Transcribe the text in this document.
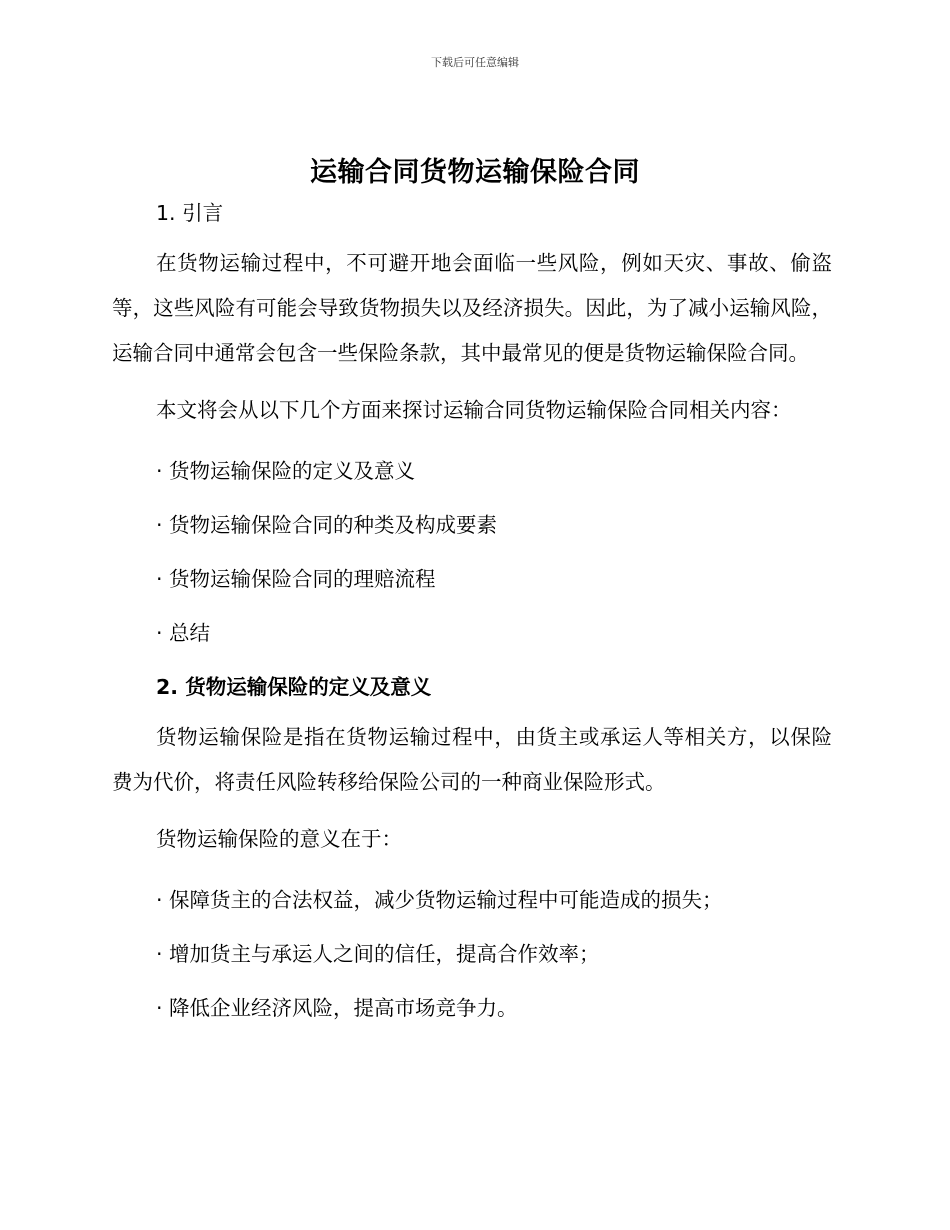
下载后可任意编辑
运输合同货物运输保险合同

1. 引言

在货物运输过程中，不可避开地会面临一些风险，例如天灾、事故、偷盗等，这些风险有可能会导致货物损失以及经济损失。因此，为了减小运输风险，运输合同中通常会包含一些保险条款，其中最常见的便是货物运输保险合同。

本文将会从以下几个方面来探讨运输合同货物运输保险合同相关内容：

· 货物运输保险的定义及意义

· 货物运输保险合同的种类及构成要素

· 货物运输保险合同的理赔流程

· 总结

2. 货物运输保险的定义及意义

货物运输保险是指在货物运输过程中，由货主或承运人等相关方，以保险费为代价，将责任风险转移给保险公司的一种商业保险形式。

货物运输保险的意义在于：

· 保障货主的合法权益，减少货物运输过程中可能造成的损失；

· 增加货主与承运人之间的信任，提高合作效率；

· 降低企业经济风险，提高市场竞争力。
